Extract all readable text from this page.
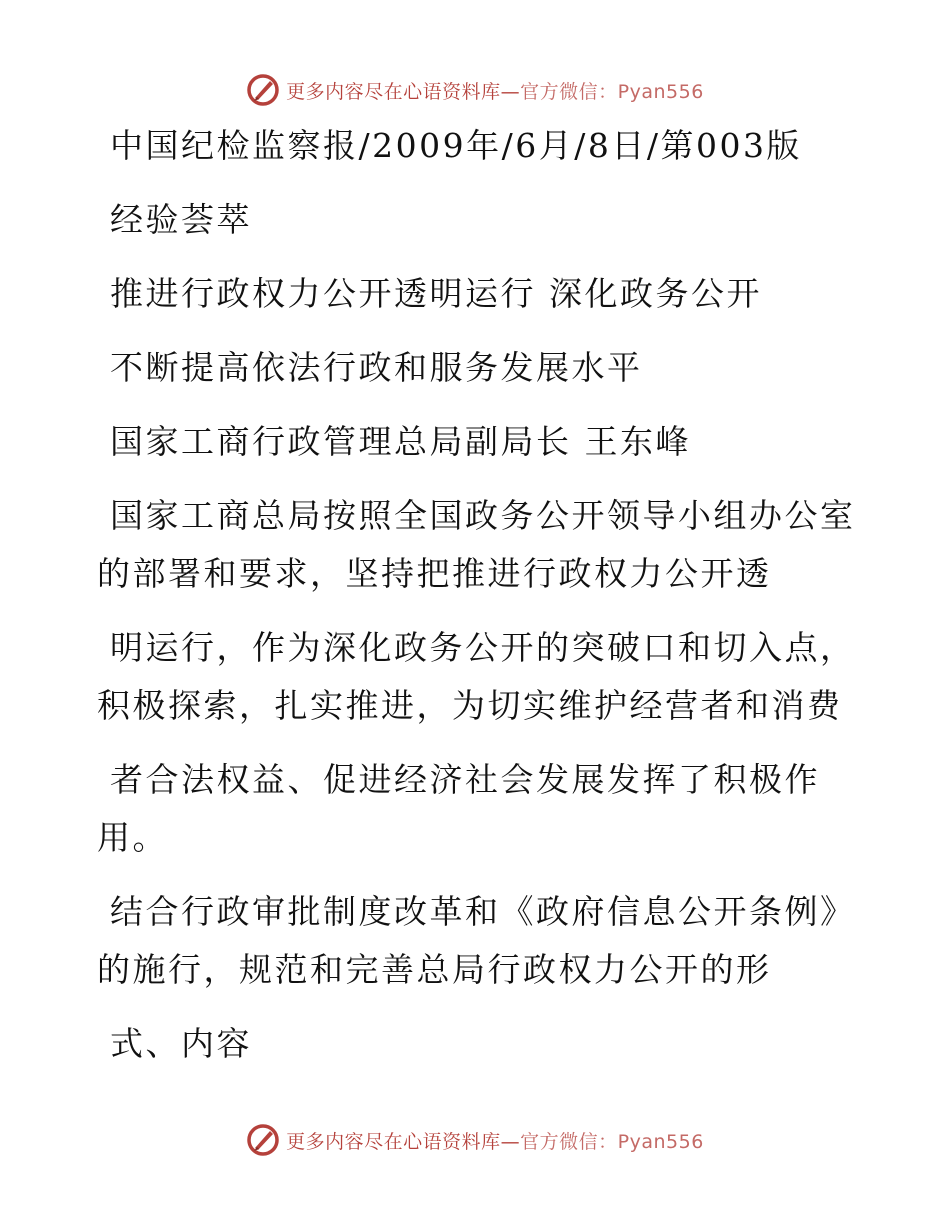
更多内容尽在心语资料库—官方微信：Pyan556
中国纪检监察报/2009年/6月/8日/第003版
经验荟萃
推进行政权力公开透明运行 深化政务公开
不断提高依法行政和服务发展水平
国家工商行政管理总局副局长 王东峰
国家工商总局按照全国政务公开领导小组办公室
的部署和要求，坚持把推进行政权力公开透
明运行，作为深化政务公开的突破口和切入点，
积极探索，扎实推进，为切实维护经营者和消费
者合法权益、促进经济社会发展发挥了积极作
用。
结合行政审批制度改革和《政府信息公开条例》
的施行，规范和完善总局行政权力公开的形
式、内容
更多内容尽在心语资料库—官方微信：Pyan556
